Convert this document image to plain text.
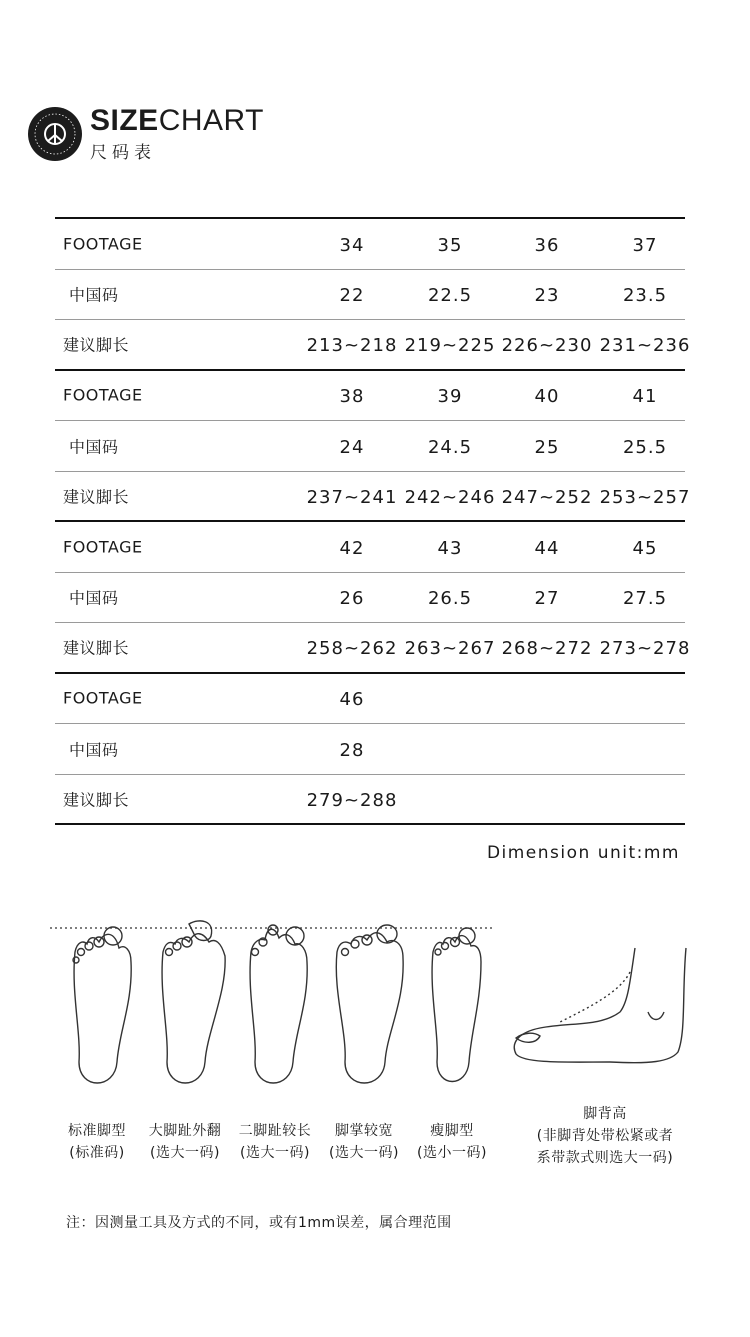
SIZECHART
尺码表
FOOTAGE	34	35	36	37
中国码	22	22.5	23	23.5
建议脚长	213~218 219~225 226~230 231~236
FOOTAGE	38	39	40	41
中国码	24	24.5	25	25.5
建议脚长	237~241 242~246 247~252 253~257
FOOTAGE	42	43	44	45
中国码	26	26.5	27	27.5
建议脚长	258~262 263~267 268~272 273~278
FOOTAGE	46
中国码	28
建议脚长	279~288
Dimension unit:mm
标准脚型
(标准码)
大脚趾外翻
(选大一码)
二脚趾较长
(选大一码)
脚掌较宽
(选大一码)
瘦脚型
(选小一码)
脚背高
(非脚背处带松紧或者
系带款式则选大一码)
注：因测量工具及方式的不同，或有1mm误差，属合理范围
